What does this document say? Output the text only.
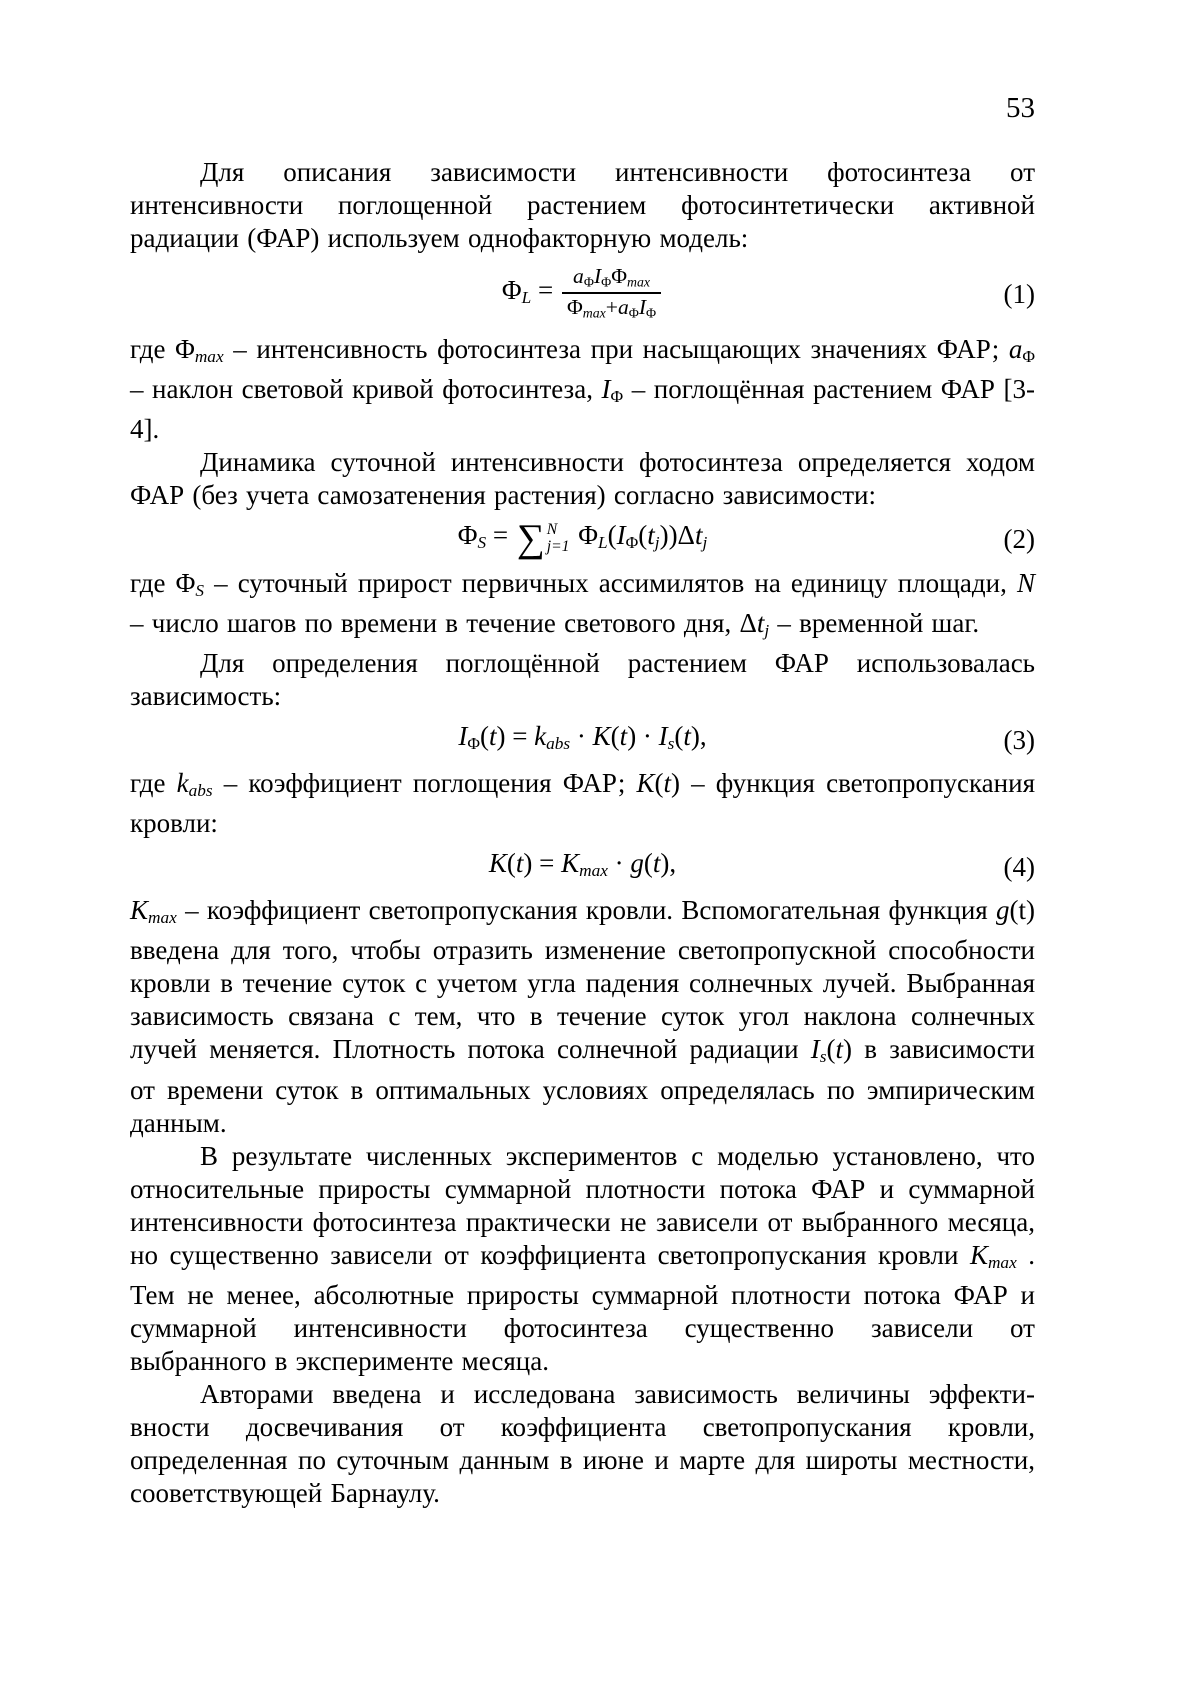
53

Для описания зависимости интенсивности фотосинтеза от интенсивности поглощенной растением фотосинтетически активной радиации (ФАР) используем однофакторную модель:

$\Phi L = \frac{\text{aΦIΦΦmax}}{\text{Φmax+aΦIΦ}}$	(1)

где Φmax – интенсивность фотосинтеза при насыщающих значениях ФАР; aΦ – наклон световой кривой фотосинтеза, IΦ – поглощённая растением ФАР [3-4].

Динамика суточной интенсивности фотосинтеза определяется ходом ФАР (без учета самозатенения растения) согласно зависимости:

ΦS = ∑ N
j=1 ΦL(IΦ(tj))Δtj	(2)

где ΦS – суточный прирост первичных ассимилятов на единицу площади, N – число шагов по времени в течение светового дня, Δtj – временной шаг.

Для определения поглощённой растением ФАР использовалась зависимость:

IΦ(t) = kabs · K(t) · Is(t),	(3)

где kabs – коэффициент поглощения ФАР; K(t) – функция светопропускания кровли:

K(t) = Kmax · g(t),	(4)

Kmax – коэффициент светопропускания кровли. Вспомогательная функция g(t) введена для того, чтобы отразить изменение светопропускной способности кровли в течение суток с учетом угла падения солнечных лучей. Выбранная зависимость связана с тем, что в течение суток угол наклона солнечных лучей меняется. Плотность потока солнечной радиации Is(t) в зависимости от времени суток в оптимальных условиях определялась по эмпирическим данным.

В результате численных экспериментов с моделью установлено, что относительные приросты суммарной плотности потока ФАР и суммарной интенсивности фотосинтеза практически не зависели от выбранного месяца, но существенно зависели от коэффициента светопропускания кровли Kmax . Тем не менее, абсолютные приросты суммарной плотности потока ФАР и суммарной интенсивности фотосинтеза существенно зависели от выбранного в эксперименте месяца.

Авторами введена и исследована зависимость величины эффекти-вности досвечивания от коэффициента светопропускания кровли, определенная по суточным данным в июне и марте для широты местности, сооветствующей Барнаулу.
